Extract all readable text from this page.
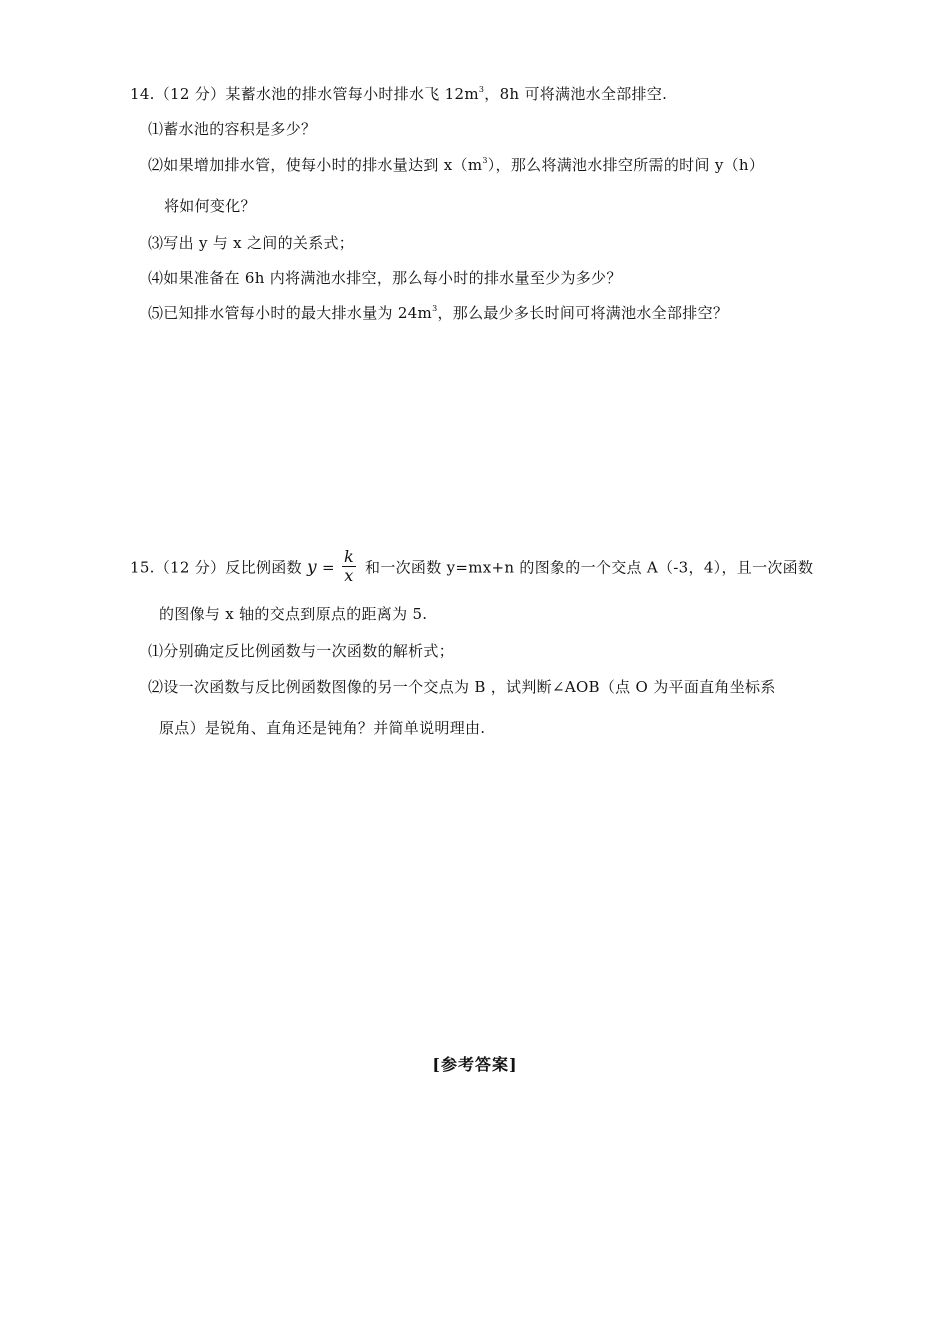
14.（12 分）某蓄水池的排水管每小时排水飞 $12m^3$，8h 可将满池水全部排空.
⑴蓄水池的容积是多少？
⑵如果增加排水管，使每小时的排水量达到 $x(m^3)$，那么将满池水排空所需的时间 y（h）
将如何变化？
⑶写出 y 与 x 之间的关系式；
⑷如果准备在 6h 内将满池水排空，那么每小时的排水量至少为多少？
⑸已知排水管每小时的最大排水量为 $24m^3$，那么最少多长时间可将满池水全部排空？
15.（12 分）反比例函数 $y = \frac{k}{x}$ 和一次函数 y=mx+n 的图象的一个交点 A（-3，4），且一次函数
的图像与 x 轴的交点到原点的距离为 5.
⑴分别确定反比例函数与一次函数的解析式；
⑵设一次函数与反比例函数图像的另一个交点为 B ，试判断∠AOB（点 O 为平面直角坐标系
原点）是锐角、直角还是钝角？并简单说明理由.
[参考答案]
